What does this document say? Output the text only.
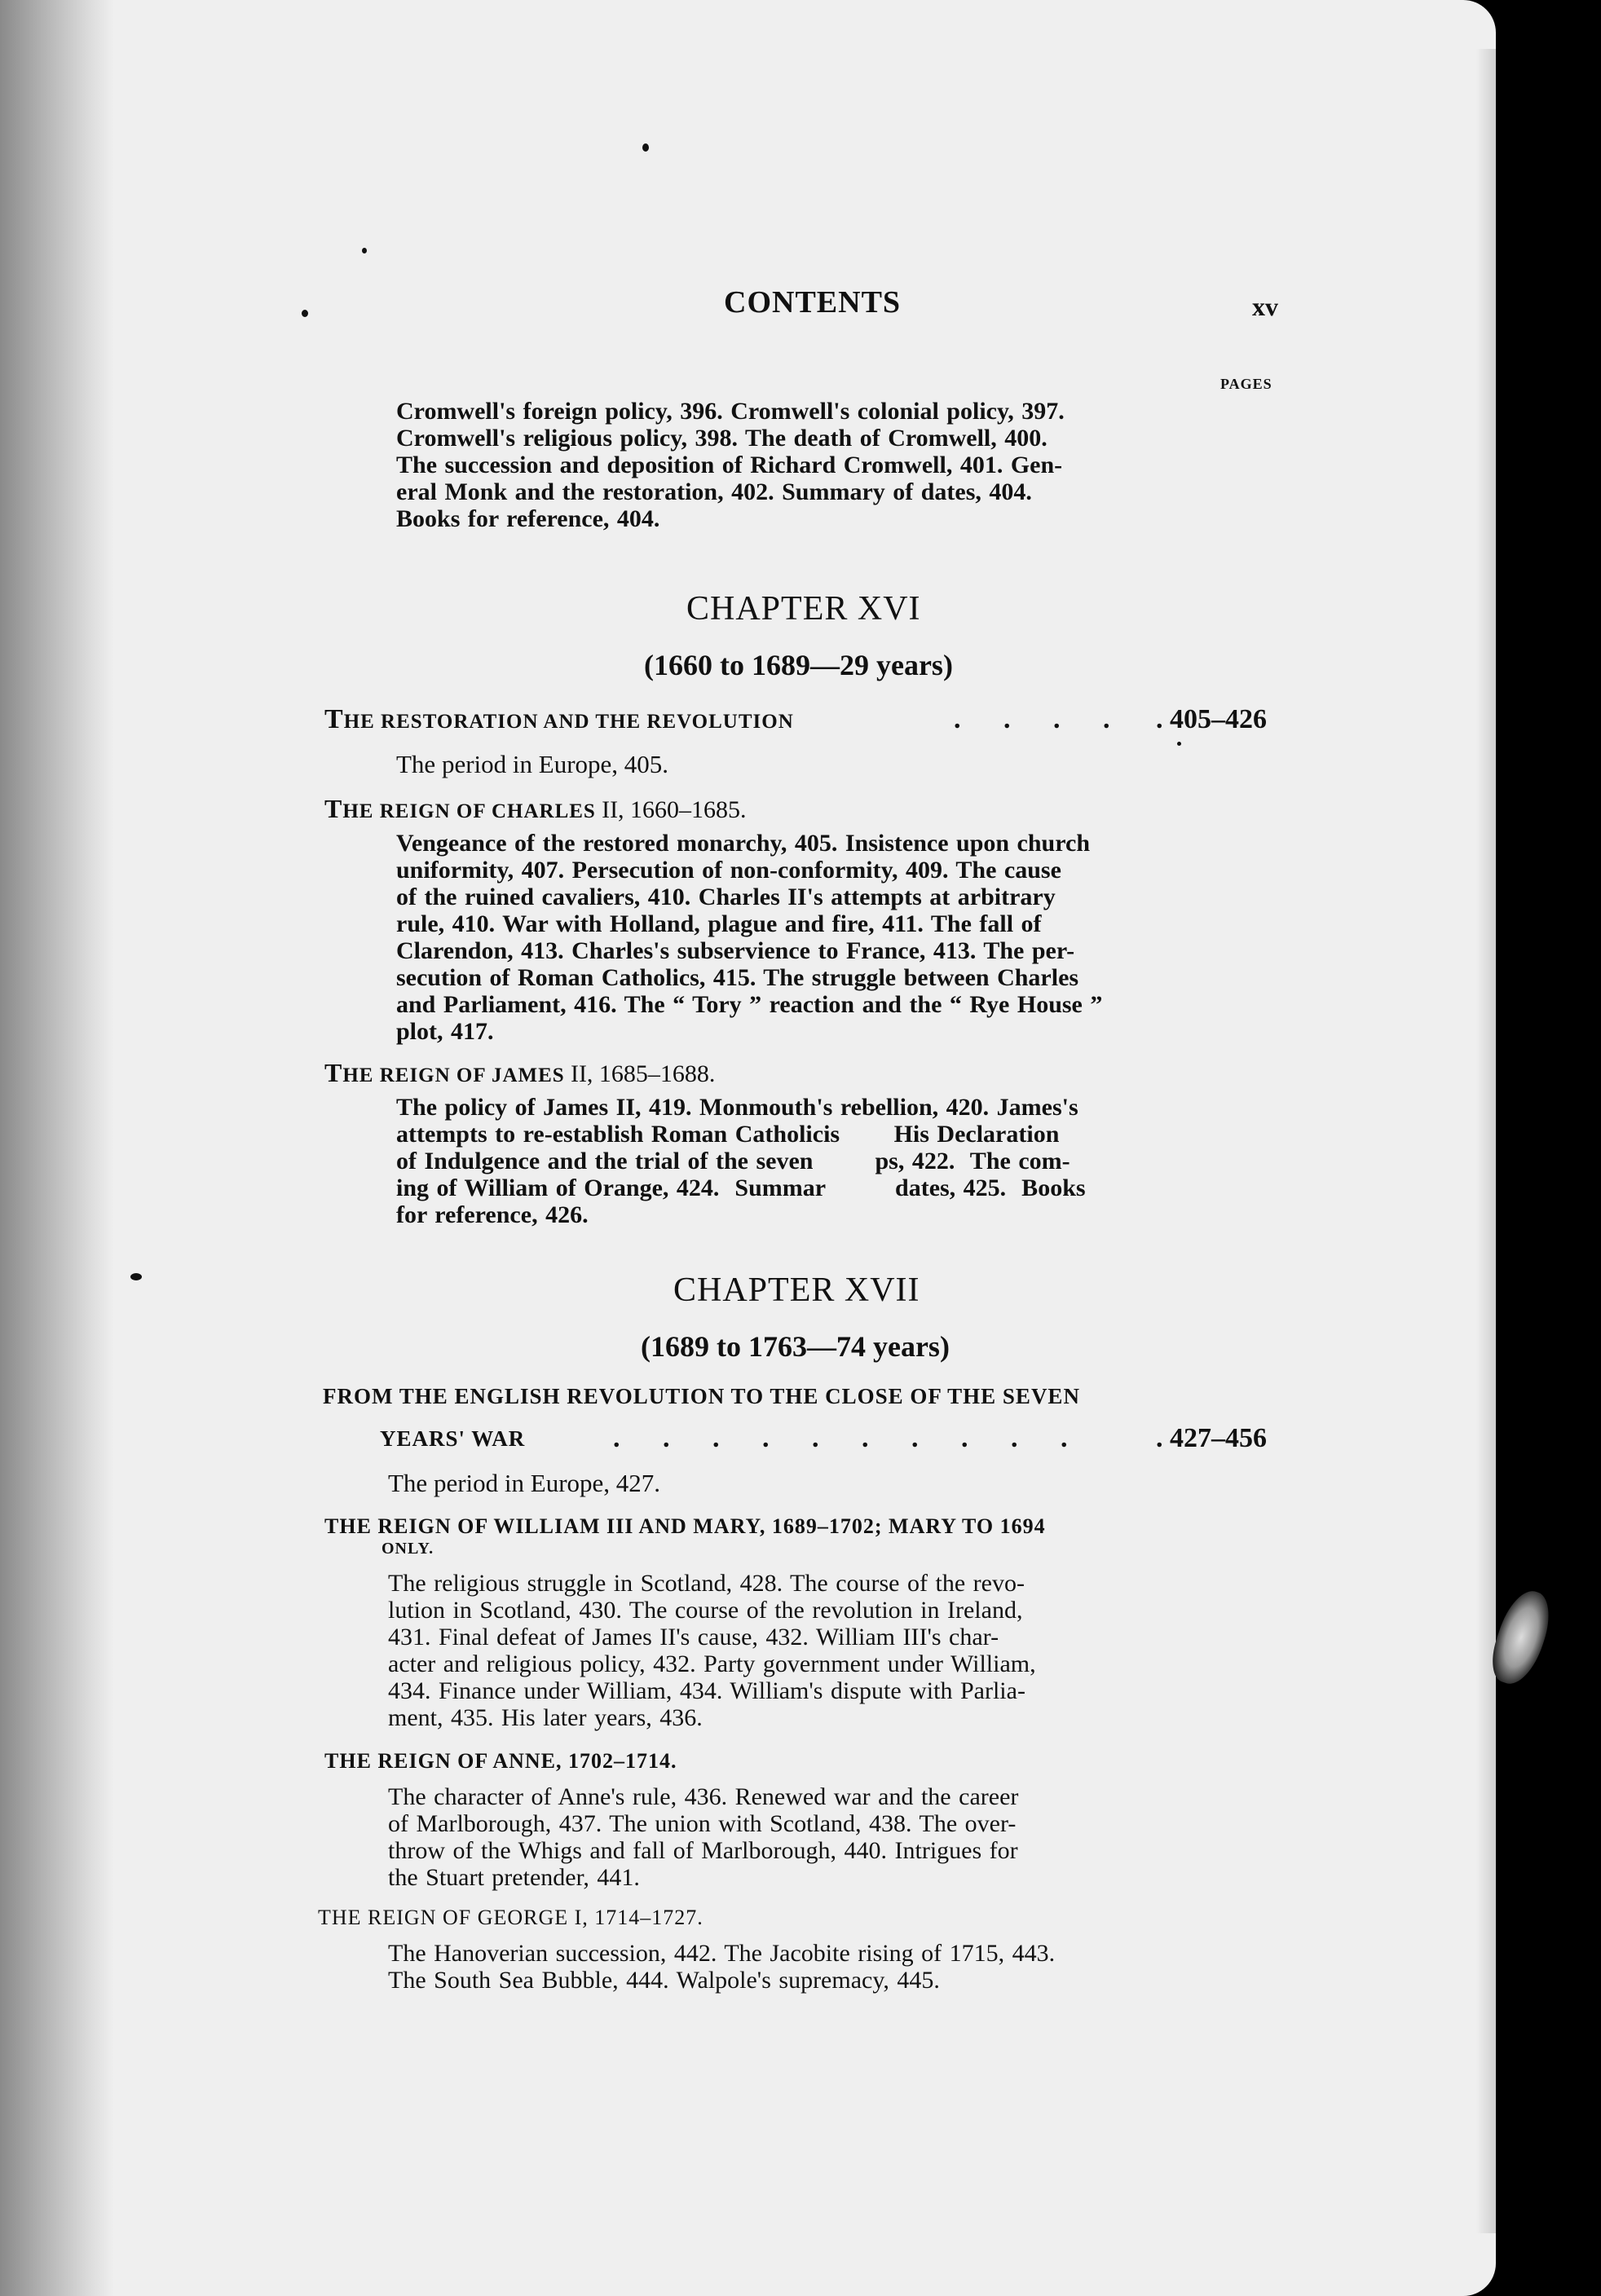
CONTENTS	xv
PAGES
Cromwell's foreign policy, 396. Cromwell's colonial policy, 397.
Cromwell's religious policy, 398. The death of Cromwell, 400.
The succession and deposition of Richard Cromwell, 401. Gen-
eral Monk and the restoration, 402. Summary of dates, 404.
Books for reference, 404.
CHAPTER XVI
(1660 to 1689—29 years)
THE RESTORATION AND THE REVOLUTION	. . . . . 405–426
The period in Europe, 405.
THE REIGN OF CHARLES II, 1660–1685.
Vengeance of the restored monarchy, 405. Insistence upon church
uniformity, 407. Persecution of non-conformity, 409. The cause
of the ruined cavaliers, 410. Charles II's attempts at arbitrary
rule, 410. War with Holland, plague and fire, 411. The fall of
Clarendon, 413. Charles's subservience to France, 413. The per-
secution of Roman Catholics, 415. The struggle between Charles
and Parliament, 416. The “ Tory ” reaction and the “ Rye House ”
plot, 417.
THE REIGN OF JAMES II, 1685–1688.
The policy of James II, 419. Monmouth's rebellion, 420. James's
attempts to re-establish Roman Catholicis       His Declaration
of Indulgence and the trial of the seven        ps, 422.  The com-
ing of William of Orange, 424.  Summar         dates, 425.  Books
for reference, 426.
CHAPTER XVII
(1689 to 1763—74 years)
FROM THE ENGLISH REVOLUTION TO THE CLOSE OF THE SEVEN
YEARS' WAR	. . . . . . . . . .	. 427–456
The period in Europe, 427.
THE REIGN OF WILLIAM III AND MARY, 1689–1702; MARY TO 1694
ONLY.
The religious struggle in Scotland, 428. The course of the revo-
lution in Scotland, 430. The course of the revolution in Ireland,
431. Final defeat of James II's cause, 432. William III's char-
acter and religious policy, 432. Party government under William,
434. Finance under William, 434. William's dispute with Parlia-
ment, 435. His later years, 436.
THE REIGN OF ANNE, 1702–1714.
The character of Anne's rule, 436. Renewed war and the career
of Marlborough, 437. The union with Scotland, 438. The over-
throw of the Whigs and fall of Marlborough, 440. Intrigues for
the Stuart pretender, 441.
THE REIGN OF GEORGE I, 1714–1727.
The Hanoverian succession, 442. The Jacobite rising of 1715, 443.
The South Sea Bubble, 444. Walpole's supremacy, 445.
